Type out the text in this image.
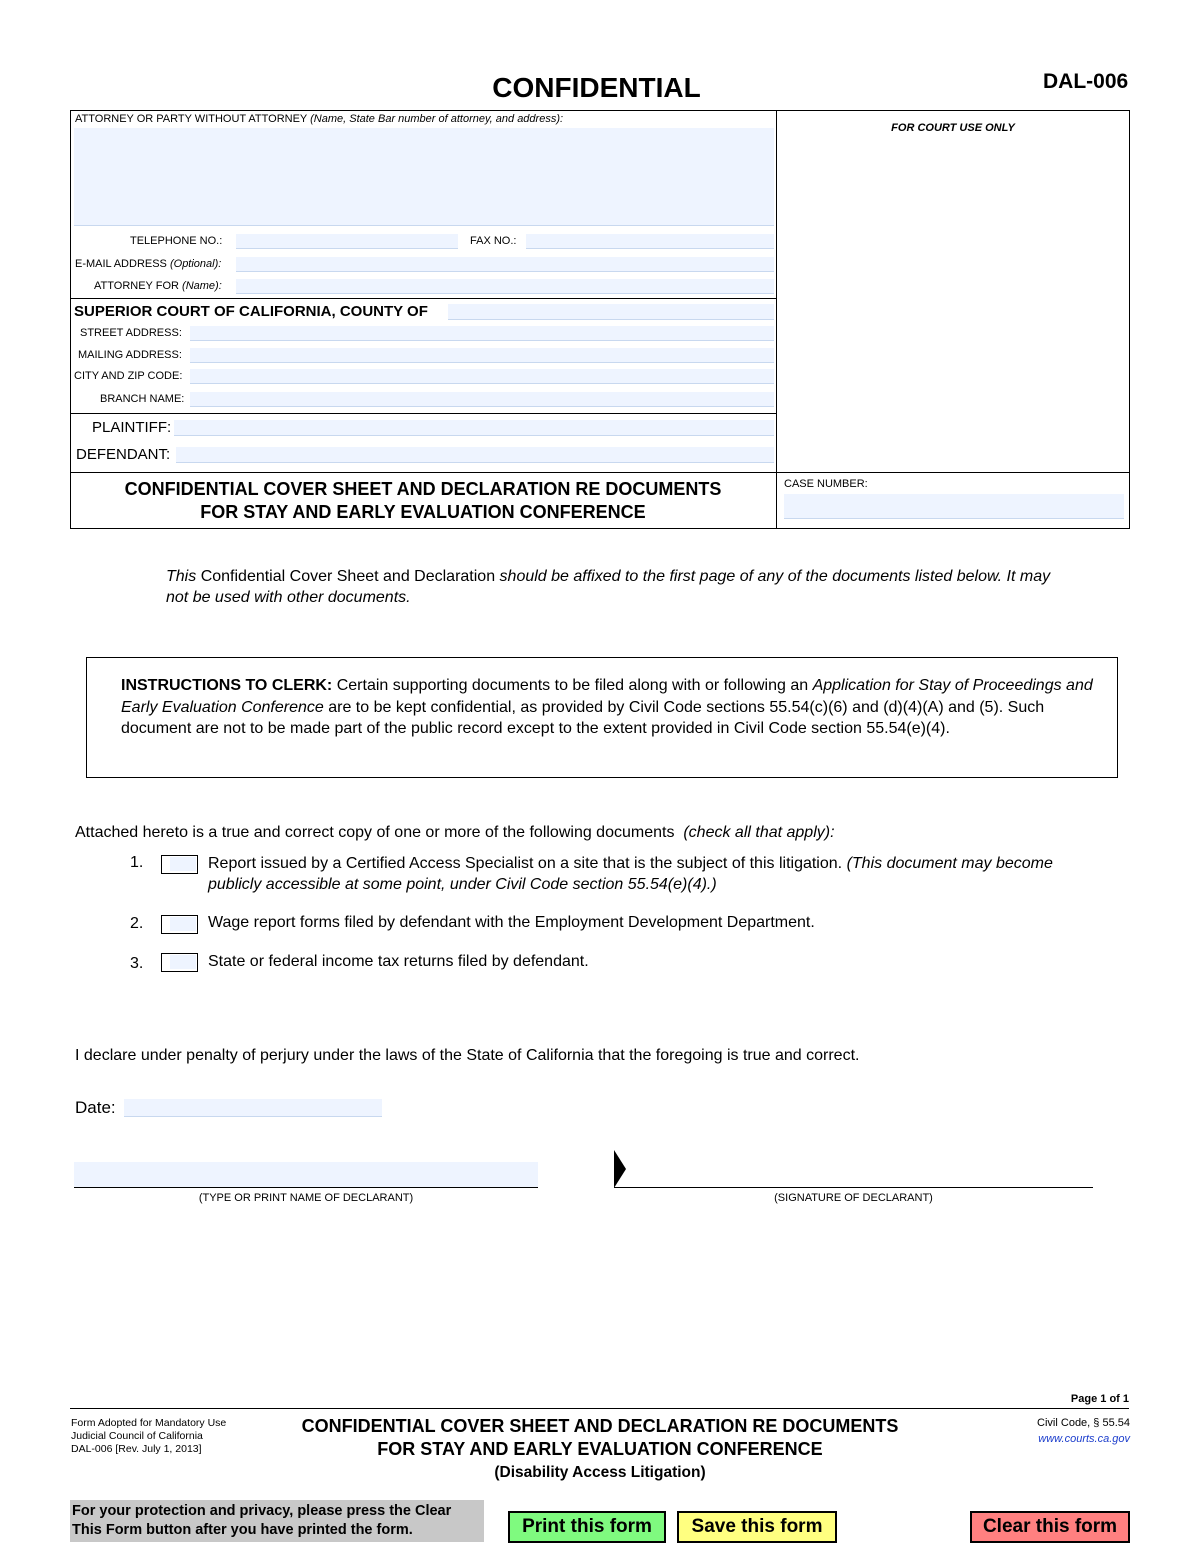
CONFIDENTIAL	DAL-006
ATTORNEY OR PARTY WITHOUT ATTORNEY (Name, State Bar number of attorney, and address):
FOR COURT USE ONLY
TELEPHONE NO.:	FAX NO.:
E-MAIL ADDRESS (Optional):
ATTORNEY FOR (Name):
SUPERIOR COURT OF CALIFORNIA, COUNTY OF
STREET ADDRESS:
MAILING ADDRESS:
CITY AND ZIP CODE:
BRANCH NAME:
PLAINTIFF:
DEFENDANT:
CONFIDENTIAL COVER SHEET AND DECLARATION RE DOCUMENTS
FOR STAY AND EARLY EVALUATION CONFERENCE
CASE NUMBER:
This Confidential Cover Sheet and Declaration should be affixed to the first page of any of the documents listed below. It may not be used with other documents.
INSTRUCTIONS TO CLERK: Certain supporting documents to be filed along with or following an Application for Stay of Proceedings and Early Evaluation Conference are to be kept confidential, as provided by Civil Code sections 55.54(c)(6) and (d)(4)(A) and (5). Such document are not to be made part of the public record except to the extent provided in Civil Code section 55.54(e)(4).
Attached hereto is a true and correct copy of one or more of the following documents (check all that apply):
1.	Report issued by a Certified Access Specialist on a site that is the subject of this litigation. (This document may become publicly accessible at some point, under Civil Code section 55.54(e)(4).)
2.	Wage report forms filed by defendant with the Employment Development Department.
3.	State or federal income tax returns filed by defendant.
I declare under penalty of perjury under the laws of the State of California that the foregoing is true and correct.
Date:
(TYPE OR PRINT NAME OF DECLARANT)	(SIGNATURE OF DECLARANT)
Page 1 of 1
Form Adopted for Mandatory Use
Judicial Council of California
DAL-006 [Rev. July 1, 2013]
CONFIDENTIAL COVER SHEET AND DECLARATION RE DOCUMENTS
FOR STAY AND EARLY EVALUATION CONFERENCE
(Disability Access Litigation)
Civil Code, § 55.54
www.courts.ca.gov
For your protection and privacy, please press the Clear
This Form button after you have printed the form.	Print this form	Save this form	Clear this form
